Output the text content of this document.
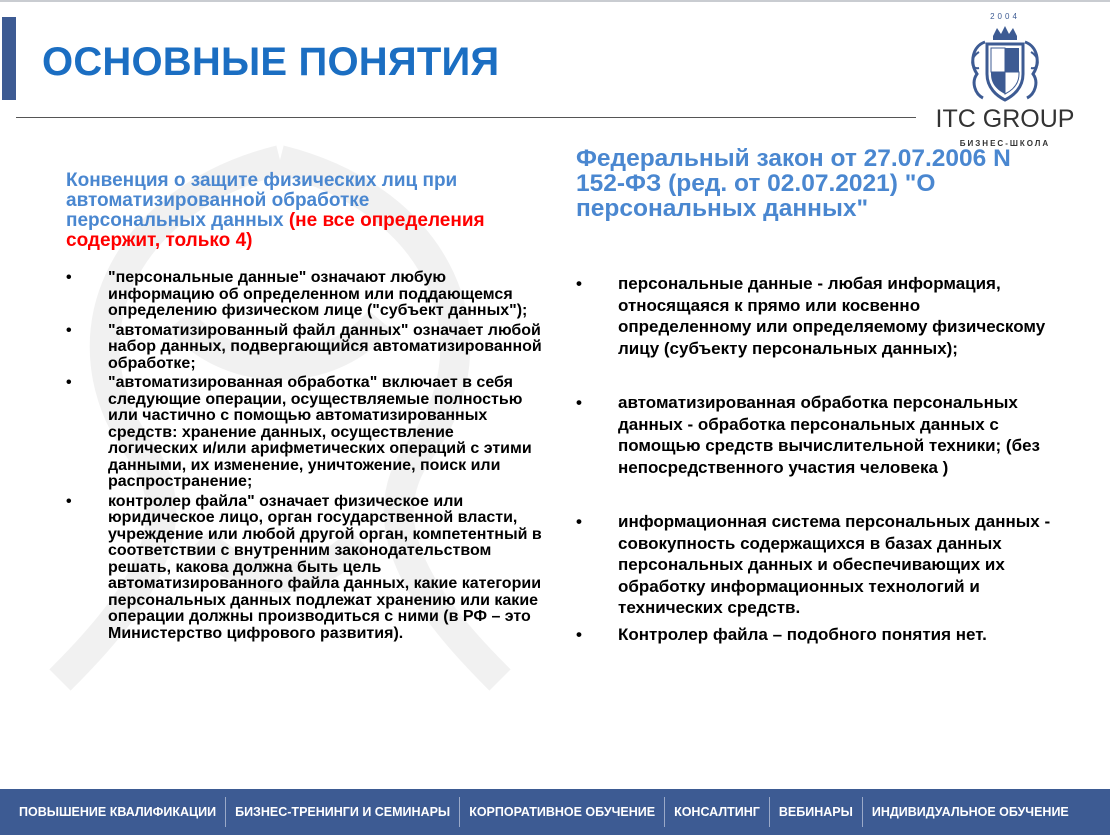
ОСНОВНЫЕ ПОНЯТИЯ
2004
ITC GROUP
БИЗНЕС-ШКОЛА
Конвенция о защите физических лиц при автоматизированной обработке персональных данных (не все определения содержит, только 4)
• "персональные данные" означают любую информацию об определенном или поддающемся определению физическом лице ("субъект данных");
• "автоматизированный файл данных" означает любой набор данных, подвергающийся автоматизированной обработке;
• "автоматизированная обработка" включает в себя следующие операции, осуществляемые полностью или частично с помощью автоматизированных средств: хранение данных, осуществление логических и/или арифметических операций с этими данными, их изменение, уничтожение, поиск или распространение;
• контролер файла" означает физическое или юридическое лицо, орган государственной власти, учреждение или любой другой орган, компетентный в соответствии с внутренним законодательством решать, какова должна быть цель автоматизированного файла данных, какие категории персональных данных подлежат хранению или какие операции должны производиться с ними (в РФ – это Министерство цифрового развития).
Федеральный закон от 27.07.2006 N 152-ФЗ (ред. от 02.07.2021) "О персональных данных"
• персональные данные - любая информация, относящаяся к прямо или косвенно определенному или определяемому физическому лицу (субъекту персональных данных);
• автоматизированная обработка персональных данных - обработка персональных данных с помощью средств вычислительной техники; (без непосредственного участия человека )
• информационная система персональных данных - совокупность содержащихся в базах данных персональных данных и обеспечивающих их обработку информационных технологий и технических средств.
• Контролер файла – подобного понятия нет.
ПОВЫШЕНИЕ КВАЛИФИКАЦИИ	БИЗНЕС-ТРЕНИНГИ И СЕМИНАРЫ	КОРПОРАТИВНОЕ ОБУЧЕНИЕ	КОНСАЛТИНГ	ВЕБИНАРЫ	ИНДИВИДУАЛЬНОЕ ОБУЧЕНИЕ
